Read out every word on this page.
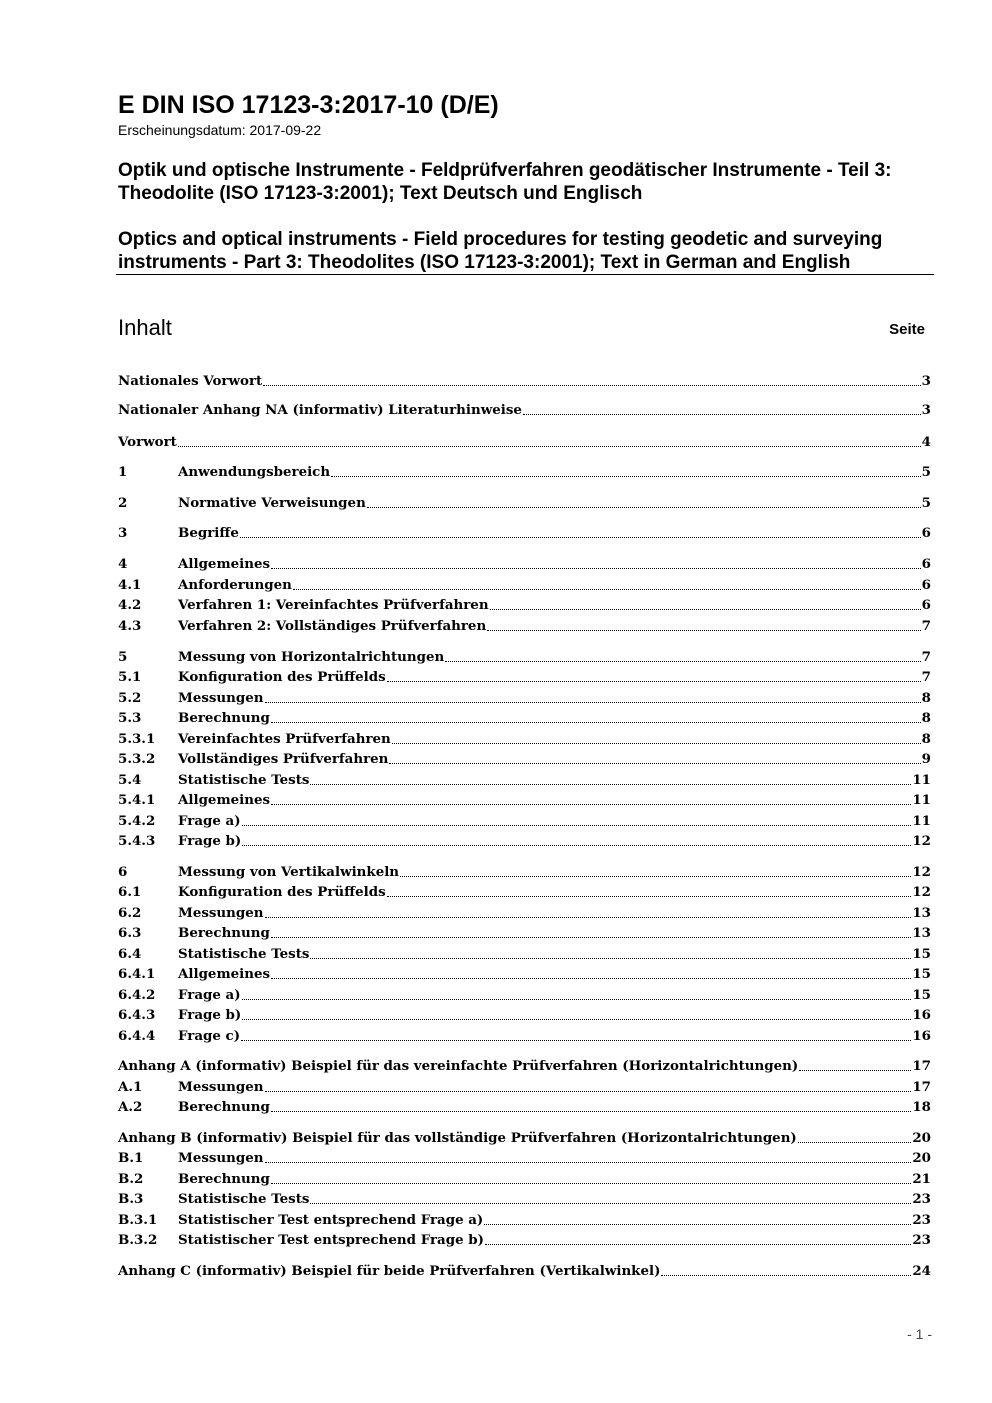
E DIN ISO 17123-3:2017-10 (D/E)

Erscheinungsdatum: 2017-09-22

Optik und optische Instrumente - Feldprüfverfahren geodätischer Instrumente - Teil 3: Theodolite (ISO 17123-3:2001); Text Deutsch und Englisch

Optics and optical instruments - Field procedures for testing geodetic and surveying instruments - Part 3: Theodolites (ISO 17123-3:2001); Text in German and English

Inhalt	Seite
Nationales Vorwort	3
Nationaler Anhang NA (informativ) Literaturhinweise	3
Vorwort	4
1	Anwendungsbereich	5
2	Normative Verweisungen	5
3	Begriffe	6
4	Allgemeines	6
4.1	Anforderungen	6
4.2	Verfahren 1: Vereinfachtes Prüfverfahren	6
4.3	Verfahren 2: Vollständiges Prüfverfahren	7
5	Messung von Horizontalrichtungen	7
5.1	Konfiguration des Prüffelds	7
5.2	Messungen	8
5.3	Berechnung	8
5.3.1	Vereinfachtes Prüfverfahren	8
5.3.2	Vollständiges Prüfverfahren	9
5.4	Statistische Tests	11
5.4.1	Allgemeines	11
5.4.2	Frage a)	11
5.4.3	Frage b)	12
6	Messung von Vertikalwinkeln	12
6.1	Konfiguration des Prüffelds	12
6.2	Messungen	13
6.3	Berechnung	13
6.4	Statistische Tests	15
6.4.1	Allgemeines	15
6.4.2	Frage a)	15
6.4.3	Frage b)	16
6.4.4	Frage c)	16
Anhang A (informativ) Beispiel für das vereinfachte Prüfverfahren (Horizontalrichtungen)	17
A.1	Messungen	17
A.2	Berechnung	18
Anhang B (informativ) Beispiel für das vollständige Prüfverfahren (Horizontalrichtungen)	20
B.1	Messungen	20
B.2	Berechnung	21
B.3	Statistische Tests	23
B.3.1	Statistischer Test entsprechend Frage a)	23
B.3.2	Statistischer Test entsprechend Frage b)	23
Anhang C (informativ) Beispiel für beide Prüfverfahren (Vertikalwinkel)	24
- 1 -
